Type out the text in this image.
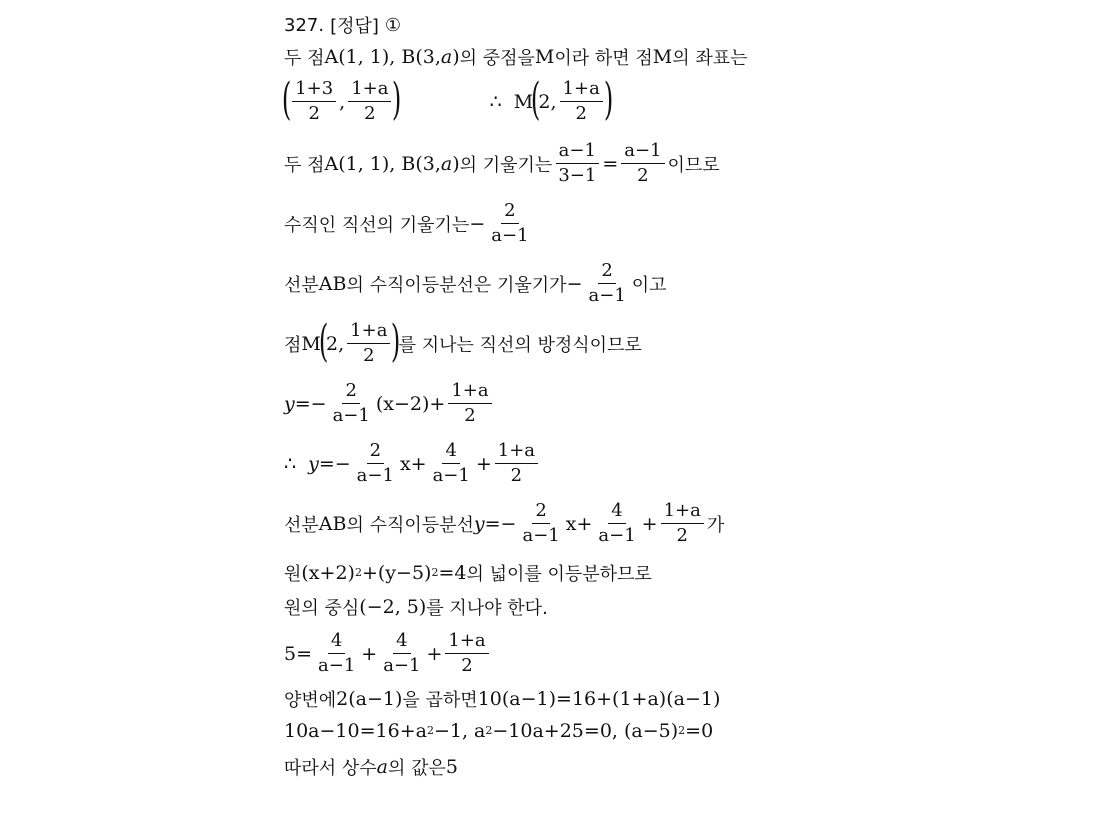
327. [정답] ①
두 점 A(1, 1), B(3, a ) 의 중점을 M 이라 하면 점 M 의 좌표는
( $\frac{1+3}{2}$ , $\frac{1+a}{2}$ )	∴ M
(
2, $\frac{1+a}{2}$ )
두 점 A(1, 1), B(3, a ) 의 기울기는 $\frac{a-1}{3-1} = \frac{a-1}{2}$ 이므로
수직인 직선의 기울기는 − $\frac{2}{a-1}$
선분 AB 의 수직이등분선은 기울기가 − $\frac{2}{a-1}$ 이고
점 M
(
2, $\frac{1+a}{2}$ )
를 지나는 직선의 방정식이므로
$y =- \frac{2}{a-1} (x-2)+ \frac{1+a}{2}$
∴ $y =- \frac{2}{a-1} x+ \frac{4}{a-1} + \frac{1+a}{2}$
선분 AB 의 수직이등분선 $y =- \frac{2}{a-1} x+ \frac{4}{a-1} + \frac{1+a}{2}$ 가
원 (x+2) 2 +(y−5) 2 =4 의 넓이를 이등분하므로
원의 중심 (−2, 5) 를 지나야 한다.
$5= \frac{4}{a-1} + \frac{4}{a-1} + \frac{1+a}{2}$
양변에 2(a−1) 을 곱하면 10(a−1)=16+(1+a)(a−1)
10a−10=16+a 2 −1, a 2 −10a+25=0, (a−5) 2 =0
따라서 상수 a 의 값은 5
